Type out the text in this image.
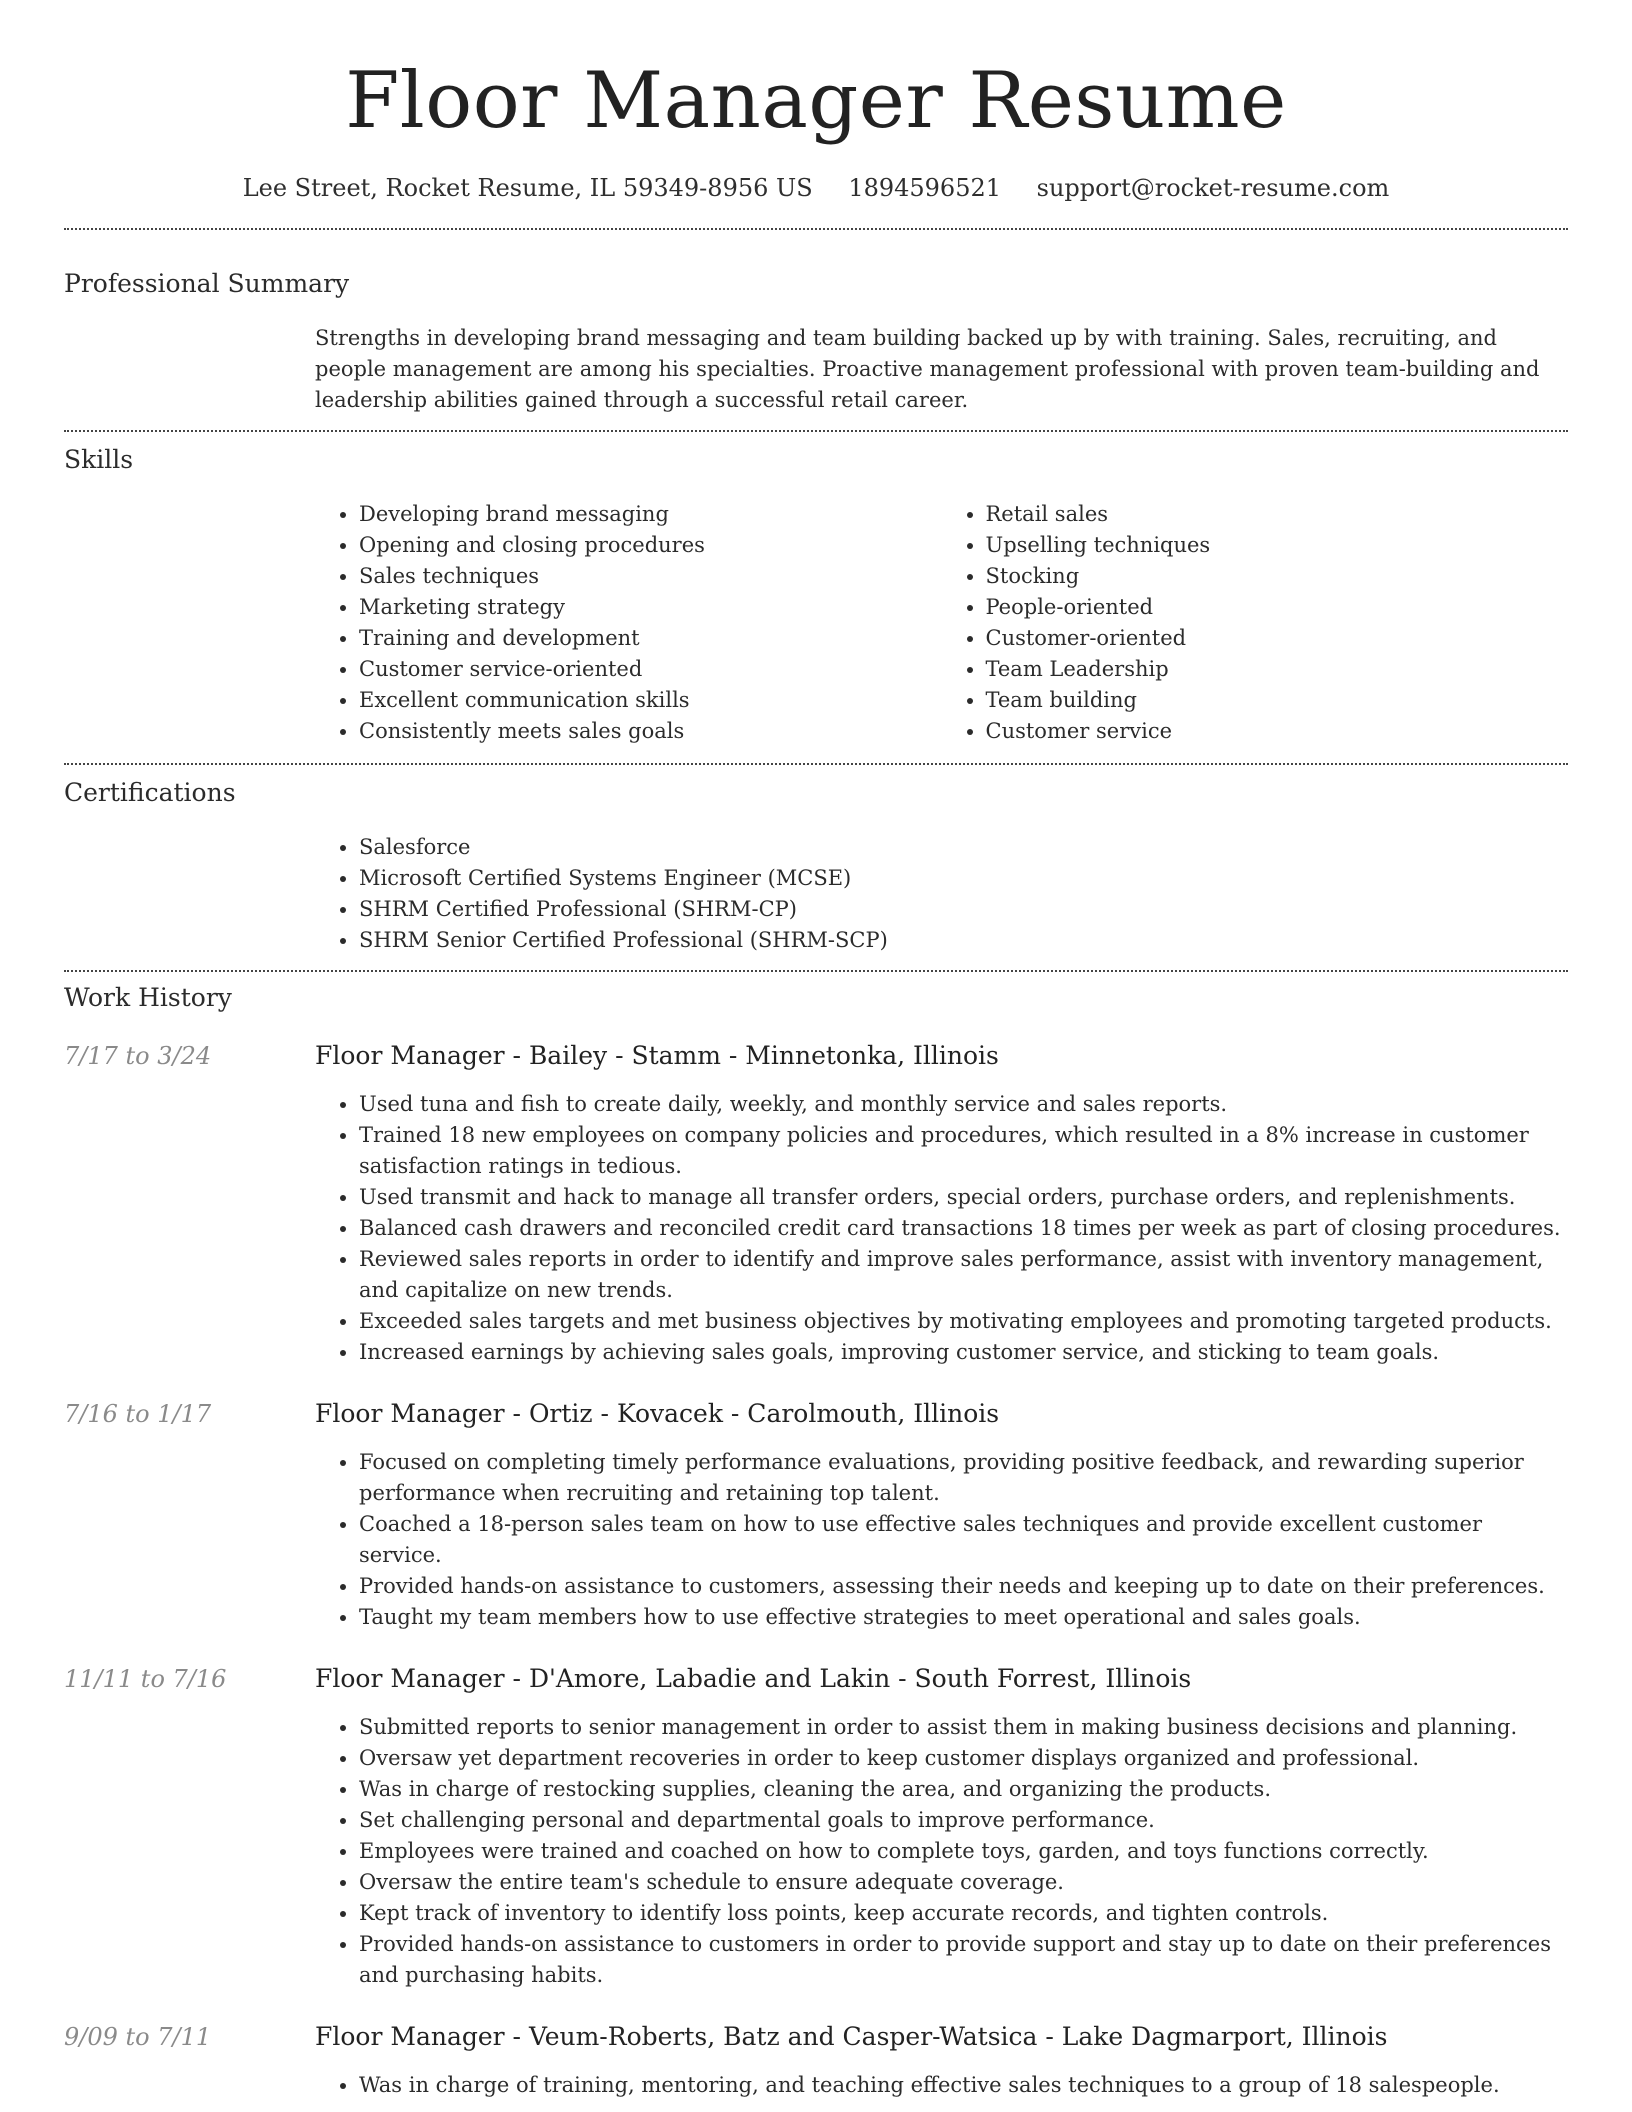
Floor Manager Resume
Lee Street, Rocket Resume, IL 59349-8956 US 1894596521 support@rocket-resume.com
Professional Summary
Strengths in developing brand messaging and team building backed up by with training. Sales, recruiting, and people management are among his specialties. Proactive management professional with proven team-building and leadership abilities gained through a successful retail career.
Skills
• Developing brand messaging
• Opening and closing procedures
• Sales techniques
• Marketing strategy
• Training and development
• Customer service-oriented
• Excellent communication skills
• Consistently meets sales goals
• Retail sales
• Upselling techniques
• Stocking
• People-oriented
• Customer-oriented
• Team Leadership
• Team building
• Customer service
Certifications
• Salesforce
• Microsoft Certified Systems Engineer (MCSE)
• SHRM Certified Professional (SHRM-CP)
• SHRM Senior Certified Professional (SHRM-SCP)
Work History
7/17 to 3/24	Floor Manager - Bailey - Stamm - Minnetonka, Illinois
• Used tuna and fish to create daily, weekly, and monthly service and sales reports.
• Trained 18 new employees on company policies and procedures, which resulted in a 8% increase in customer satisfaction ratings in tedious.
• Used transmit and hack to manage all transfer orders, special orders, purchase orders, and replenishments.
• Balanced cash drawers and reconciled credit card transactions 18 times per week as part of closing procedures.
• Reviewed sales reports in order to identify and improve sales performance, assist with inventory management, and capitalize on new trends.
• Exceeded sales targets and met business objectives by motivating employees and promoting targeted products.
• Increased earnings by achieving sales goals, improving customer service, and sticking to team goals.
7/16 to 1/17	Floor Manager - Ortiz - Kovacek - Carolmouth, Illinois
• Focused on completing timely performance evaluations, providing positive feedback, and rewarding superior performance when recruiting and retaining top talent.
• Coached a 18-person sales team on how to use effective sales techniques and provide excellent customer service.
• Provided hands-on assistance to customers, assessing their needs and keeping up to date on their preferences.
• Taught my team members how to use effective strategies to meet operational and sales goals.
11/11 to 7/16	Floor Manager - D'Amore, Labadie and Lakin - South Forrest, Illinois
• Submitted reports to senior management in order to assist them in making business decisions and planning.
• Oversaw yet department recoveries in order to keep customer displays organized and professional.
• Was in charge of restocking supplies, cleaning the area, and organizing the products.
• Set challenging personal and departmental goals to improve performance.
• Employees were trained and coached on how to complete toys, garden, and toys functions correctly.
• Oversaw the entire team's schedule to ensure adequate coverage.
• Kept track of inventory to identify loss points, keep accurate records, and tighten controls.
• Provided hands-on assistance to customers in order to provide support and stay up to date on their preferences and purchasing habits.
9/09 to 7/11	Floor Manager - Veum-Roberts, Batz and Casper-Watsica - Lake Dagmarport, Illinois
• Was in charge of training, mentoring, and teaching effective sales techniques to a group of 18 salespeople.
